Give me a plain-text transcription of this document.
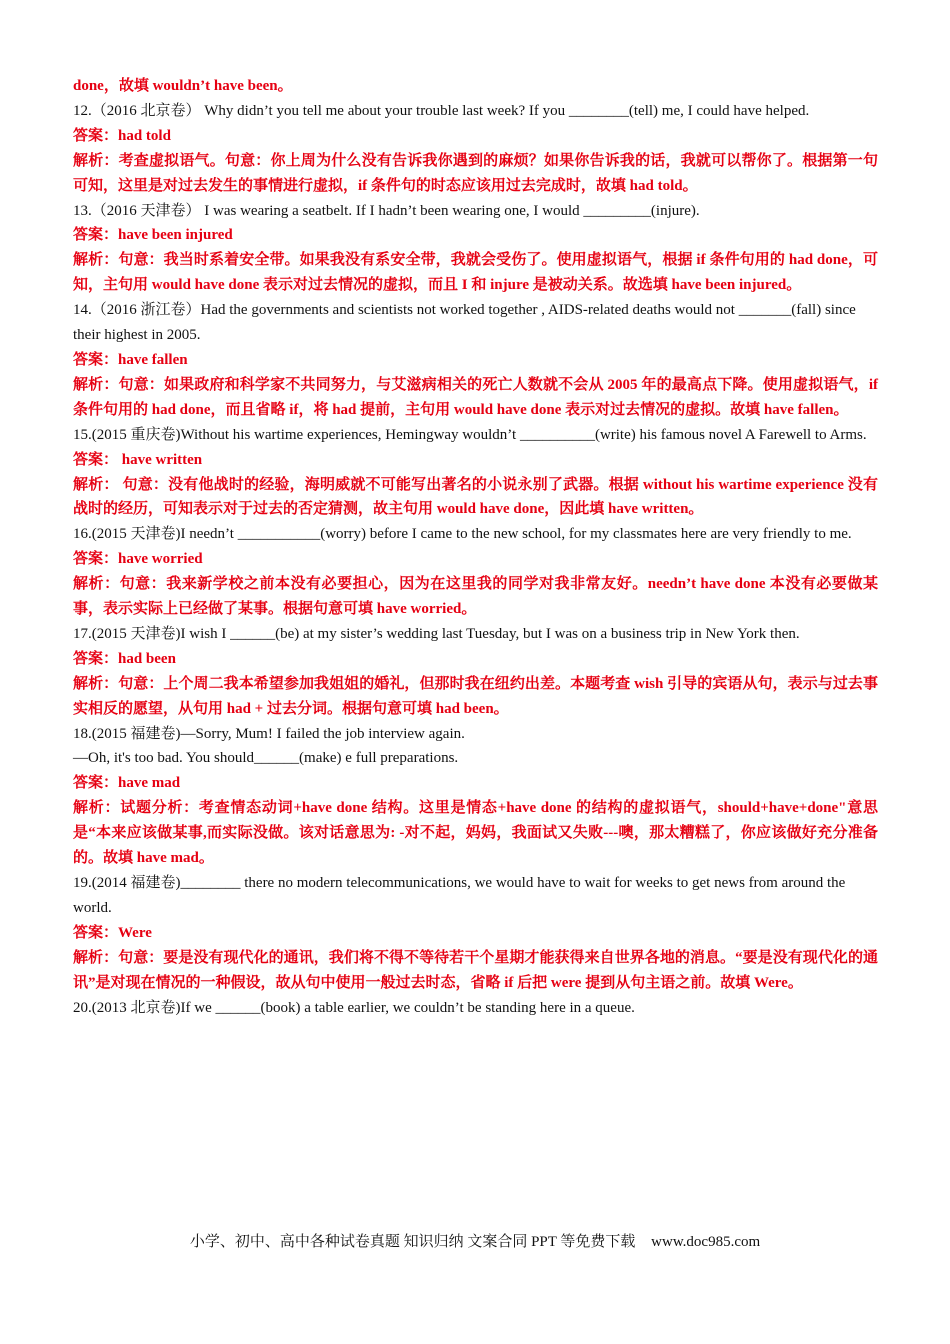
done，故填 wouldn’t have been。

12.（2016 北京卷） Why didn’t you tell me about your trouble last week? If you ________(tell) me, I could have helped.

答案：had told

解析：考查虚拟语气。句意：你上周为什么没有告诉我你遇到的麻烦？如果你告诉我的话，我就可以帮你了。根据第一句可知，这里是对过去发生的事情进行虚拟，if 条件句的时态应该用过去完成时，故填 had told。

13.（2016 天津卷） I was wearing a seatbelt. If I hadn’t been wearing one, I would _________(injure).

答案：have been injured

解析：句意：我当时系着安全带。如果我没有系安全带，我就会受伤了。使用虚拟语气，根据 if 条件句用的 had done，可知，主句用 would have done 表示对过去情况的虚拟，而且 I 和 injure 是被动关系。故选填 have been injured。

14.（2016 浙江卷）Had the governments and scientists not worked together , AIDS-related deaths would not _______(fall) since their highest in 2005.

答案：have fallen

解析：句意：如果政府和科学家不共同努力，与艾滋病相关的死亡人数就不会从 2005 年的最高点下降。使用虚拟语气，if 条件句用的 had done，而且省略 if，将 had 提前，主句用 would have done 表示对过去情况的虚拟。故填 have fallen。

15.(2015 重庆卷)Without his wartime experiences, Hemingway wouldn’t __________(write) his famous novel A Farewell to Arms.

答案： have written

解析： 句意：没有他战时的经验，海明威就不可能写出著名的小说永别了武器。根据 without his wartime experience 没有战时的经历，可知表示对于过去的否定猜测，故主句用 would have done，因此填 have written。

16.(2015 天津卷)I needn’t ___________(worry) before I came to the new school, for my classmates here are very friendly to me.

答案：have worried

解析：句意：我来新学校之前本没有必要担心，因为在这里我的同学对我非常友好。needn’t have done 本没有必要做某事，表示实际上已经做了某事。根据句意可填 have worried。

17.(2015 天津卷)I wish I ______(be) at my sister’s wedding last Tuesday, but I was on a business trip in New York then.

答案：had been

解析：句意：上个周二我本希望参加我姐姐的婚礼，但那时我在纽约出差。本题考查 wish 引导的宾语从句，表示与过去事实相反的愿望，从句用 had + 过去分词。根据句意可填 had been。

18.(2015 福建卷)—Sorry, Mum! I failed the job interview again.

—Oh, it's too bad. You should______(make) e full preparations.

答案：have mad

解析：试题分析：考查情态动词+have done 结构。这里是情态+have done 的结构的虚拟语气，should+have+done"意思是“本来应该做某事,而实际没做。该对话意思为: -对不起，妈妈，我面试又失败---噢，那太糟糕了，你应该做好充分准备的。故填 have mad。

19.(2014 福建卷)________ there no modern telecommunications, we would have to wait for weeks to get news from around the world.

答案：Were

解析：句意：要是没有现代化的通讯，我们将不得不等待若干个星期才能获得来自世界各地的消息。“要是没有现代化的通讯”是对现在情况的一种假设，故从句中使用一般过去时态，省略 if 后把 were 提到从句主语之前。故填 Were。

20.(2013 北京卷)If we ______(book) a table earlier, we couldn’t be standing here in a queue.

小学、初中、高中各种试卷真题 知识归纳 文案合同 PPT 等免费下载 www.doc985.com
